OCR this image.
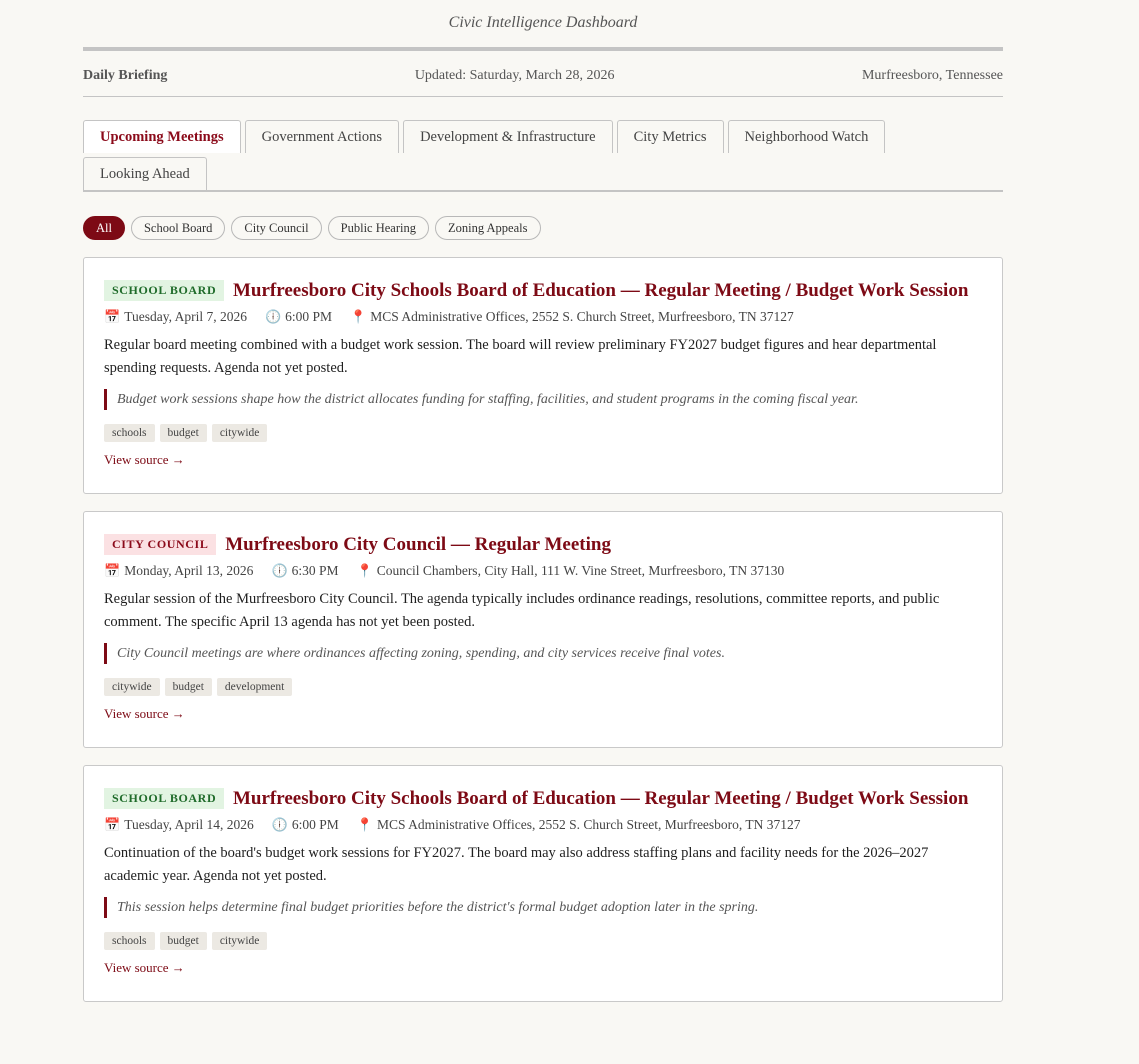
Civic Intelligence Dashboard
Daily Briefing	Updated: Saturday, March 28, 2026	Murfreesboro, Tennessee
Upcoming Meetings	Government Actions	Development & Infrastructure	City Metrics	Neighborhood Watch
Looking Ahead
All	School Board	City Council	Public Hearing	Zoning Appeals
SCHOOL BOARD Murfreesboro City Schools Board of Education — Regular Meeting / Budget Work Session
📅 Tuesday, April 7, 2026 🕕 6:00 PM 📍 MCS Administrative Offices, 2552 S. Church Street, Murfreesboro, TN 37127
Regular board meeting combined with a budget work session. The board will review preliminary FY2027 budget figures and hear departmental spending requests. Agenda not yet posted.
Budget work sessions shape how the district allocates funding for staffing, facilities, and student programs in the coming fiscal year.
schools	budget	citywide
View source →
CITY COUNCIL Murfreesboro City Council — Regular Meeting
📅 Monday, April 13, 2026 🕕 6:30 PM 📍 Council Chambers, City Hall, 111 W. Vine Street, Murfreesboro, TN 37130
Regular session of the Murfreesboro City Council. The agenda typically includes ordinance readings, resolutions, committee reports, and public comment. The specific April 13 agenda has not yet been posted.
City Council meetings are where ordinances affecting zoning, spending, and city services receive final votes.
citywide	budget	development
View source →
SCHOOL BOARD Murfreesboro City Schools Board of Education — Regular Meeting / Budget Work Session
📅 Tuesday, April 14, 2026 🕕 6:00 PM 📍 MCS Administrative Offices, 2552 S. Church Street, Murfreesboro, TN 37127
Continuation of the board's budget work sessions for FY2027. The board may also address staffing plans and facility needs for the 2026–2027 academic year. Agenda not yet posted.
This session helps determine final budget priorities before the district's formal budget adoption later in the spring.
schools	budget	citywide
View source →
